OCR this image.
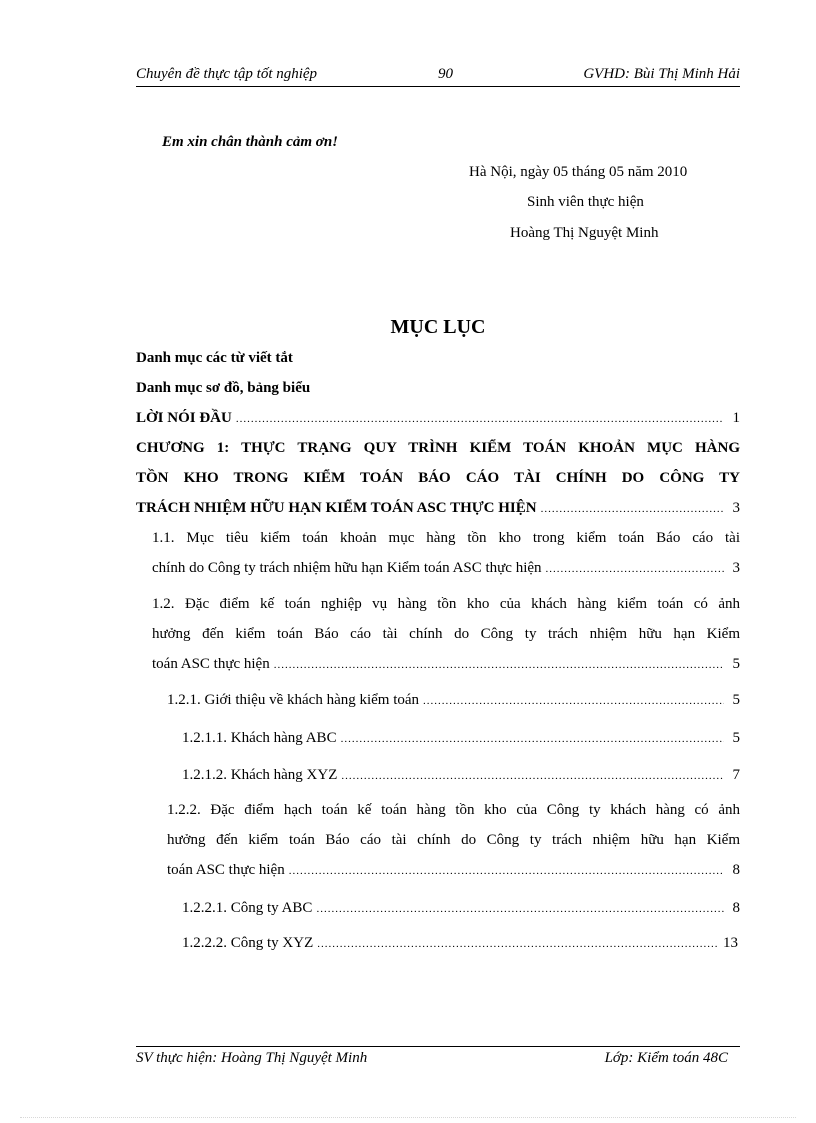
Chuyên đề thực tập tốt nghiệp	90	GVHD: Bùi Thị Minh Hải
Em xin chân thành cảm ơn!
Hà Nội, ngày 05 tháng 05 năm 2010
Sinh viên thực hiện
Hoàng Thị Nguyệt Minh
MỤC LỤC
Danh mục các từ viết tắt
Danh mục sơ đồ, bảng biểu
LỜI NÓI ĐẦU .....	1
CHƯƠNG 1: THỰC TRẠNG QUY TRÌNH KIỂM TOÁN KHOẢN MỤC HÀNG
TỒN KHO TRONG KIỂM TOÁN BÁO CÁO TÀI CHÍNH DO CÔNG TY
TRÁCH NHIỆM HỮU HẠN KIỂM TOÁN ASC THỰC HIỆN .....	3
1.1. Mục tiêu kiểm toán khoản mục hàng tồn kho trong kiểm toán Báo cáo tài
chính do Công ty trách nhiệm hữu hạn Kiểm toán ASC thực hiện .....	3
1.2. Đặc điểm kế toán nghiệp vụ hàng tồn kho của khách hàng kiểm toán có ảnh
hưởng đến kiểm toán Báo cáo tài chính do Công ty trách nhiệm hữu hạn Kiểm
toán ASC thực hiện .....	5
1.2.1. Giới thiệu về khách hàng kiểm toán .....	5
1.2.1.1. Khách hàng ABC .....	5
1.2.1.2. Khách hàng XYZ .....	7
1.2.2. Đặc điểm hạch toán kế toán hàng tồn kho của Công ty khách hàng có ảnh
hưởng đến kiểm toán Báo cáo tài chính do Công ty trách nhiệm hữu hạn Kiểm
toán ASC thực hiện .....	8
1.2.2.1. Công ty ABC .....	8
1.2.2.2. Công ty XYZ .....	13
SV thực hiện: Hoàng Thị Nguyệt Minh	Lớp: Kiểm toán 48C
